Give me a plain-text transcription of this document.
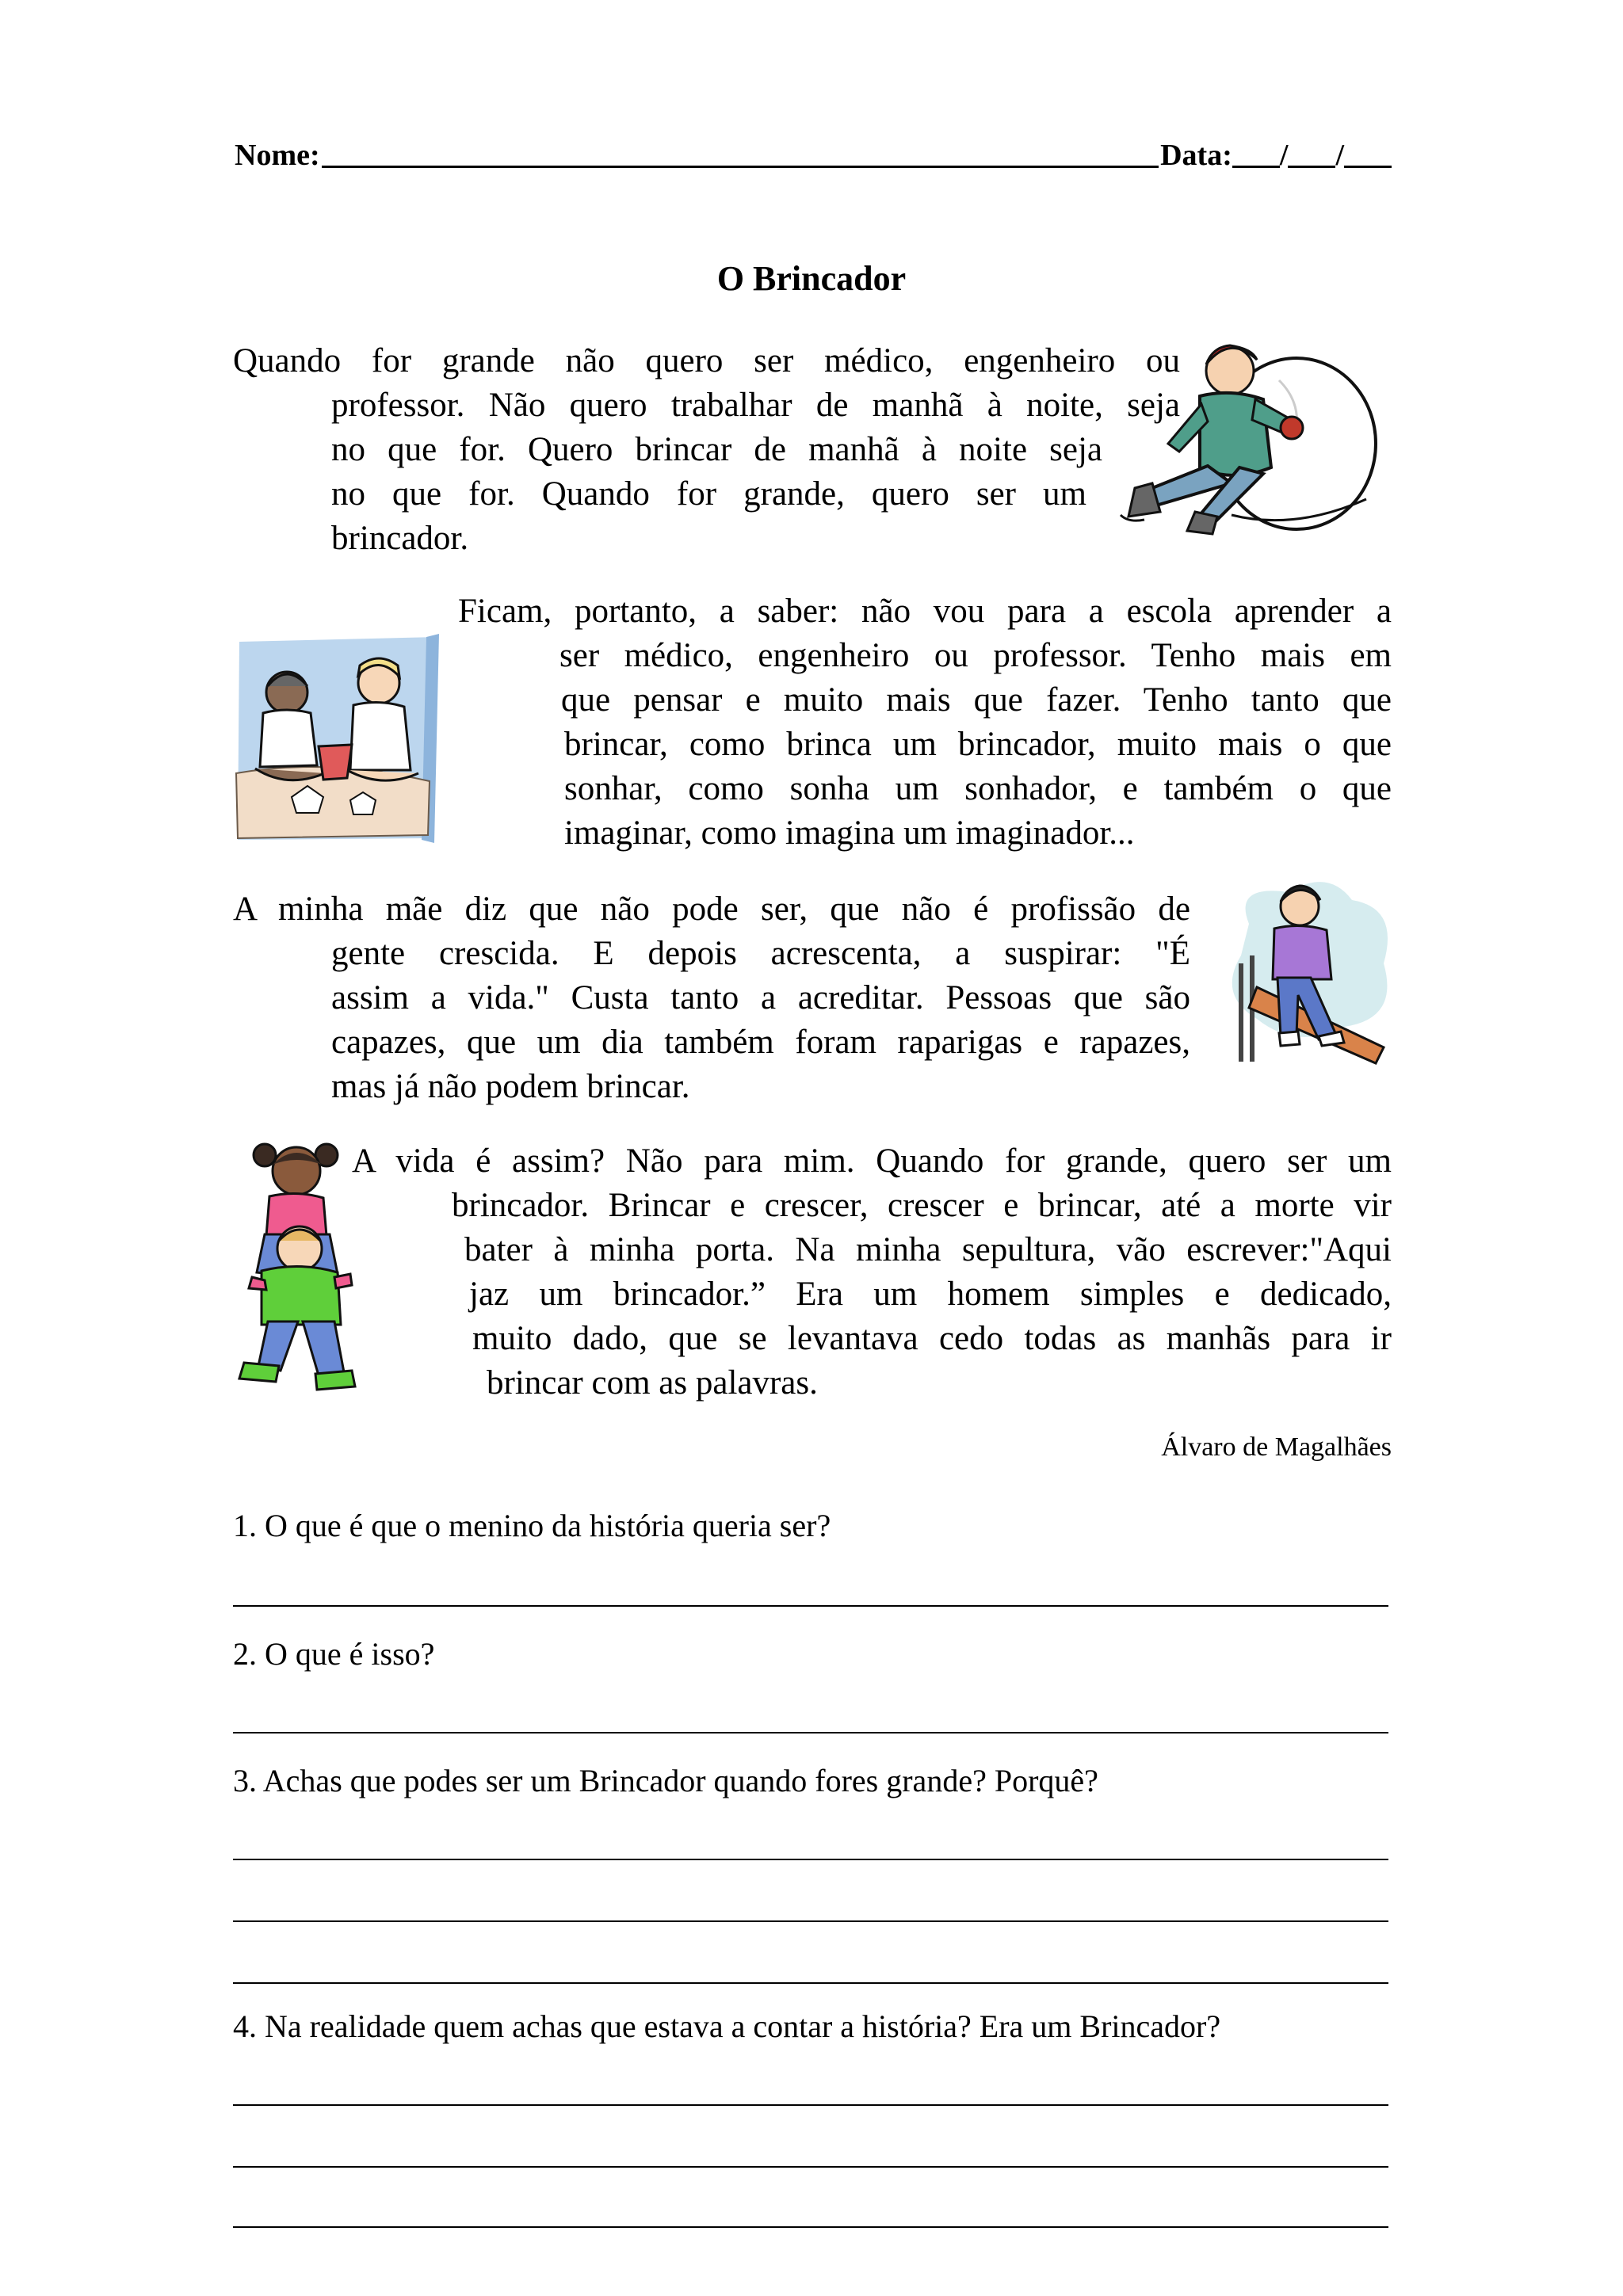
Nome:	Data: / /
O Brincador
Quando for grande não quero ser médico, engenheiro ou
professor. Não quero trabalhar de manhã à noite, seja
no que for. Quero brincar de manhã à noite seja
no que for. Quando for grande, quero ser um
brincador.
Ficam, portanto, a saber: não vou para a escola aprender a
ser médico, engenheiro ou professor. Tenho mais em
que pensar e muito mais que fazer. Tenho tanto que
brincar, como brinca um brincador, muito mais o que
sonhar, como sonha um sonhador, e também o que
imaginar, como imagina um imaginador...
A minha mãe diz que não pode ser, que não é profissão de
gente crescida. E depois acrescenta, a suspirar: "É
assim a vida." Custa tanto a acreditar. Pessoas que são
capazes, que um dia também foram raparigas e rapazes,
mas já não podem brincar.
A vida é assim? Não para mim. Quando for grande, quero ser um
brincador. Brincar e crescer, crescer e brincar, até a morte vir
bater à minha porta. Na minha sepultura, vão escrever:"Aqui
jaz um brincador.” Era um homem simples e dedicado,
muito dado, que se levantava cedo todas as manhãs para ir
brincar com as palavras.
Álvaro de Magalhães
1. O que é que o menino da história queria ser?
2. O que é isso?
3. Achas que podes ser um Brincador quando fores grande? Porquê?
4. Na realidade quem achas que estava a contar a história? Era um Brincador?
